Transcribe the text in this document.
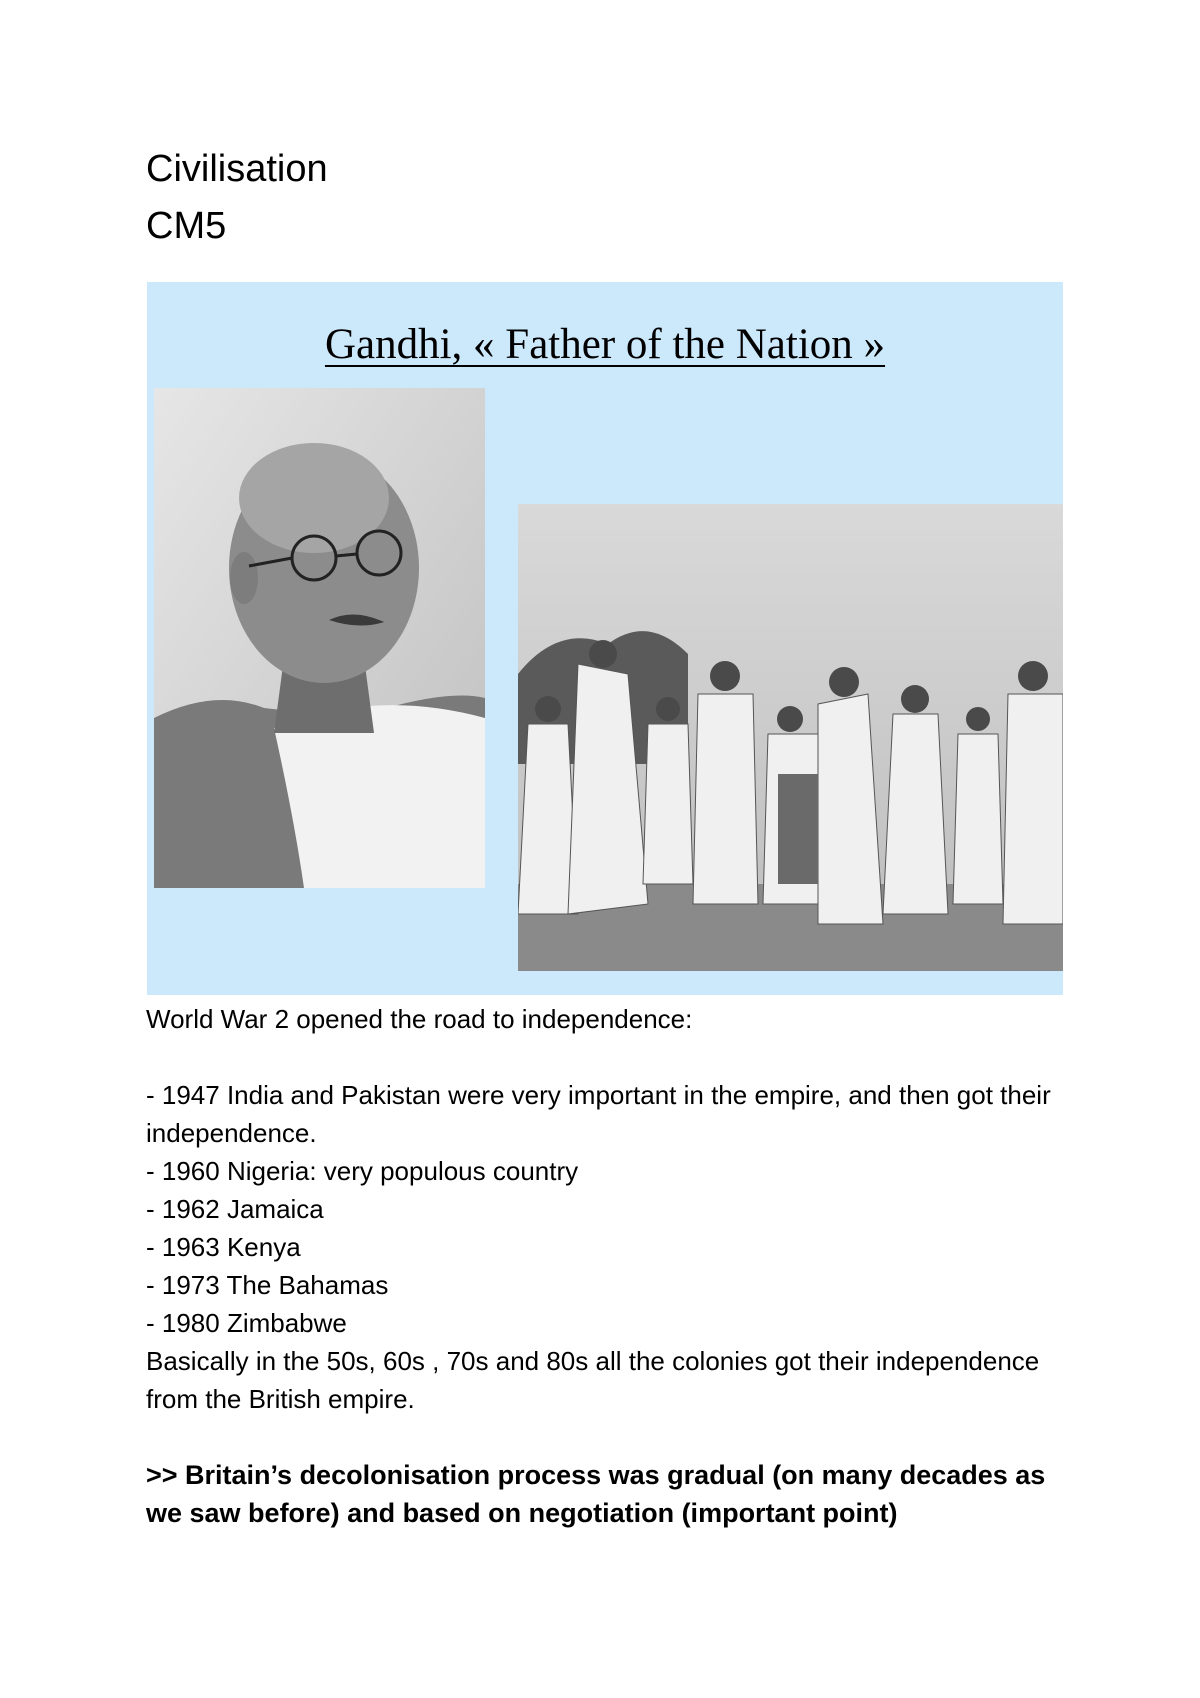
Civilisation
CM5
Gandhi, « Father of the Nation »

World War 2 opened the road to independence:

- 1947 India and Pakistan were very important in the empire, and then got their independence.

- 1960 Nigeria: very populous country

- 1962 Jamaica

- 1963 Kenya

- 1973 The Bahamas

- 1980 Zimbabwe

Basically in the 50s, 60s , 70s and 80s all the colonies got their independence from the British empire.

>> Britain’s decolonisation process was gradual (on many decades as we saw before) and based on negotiation (important point)
